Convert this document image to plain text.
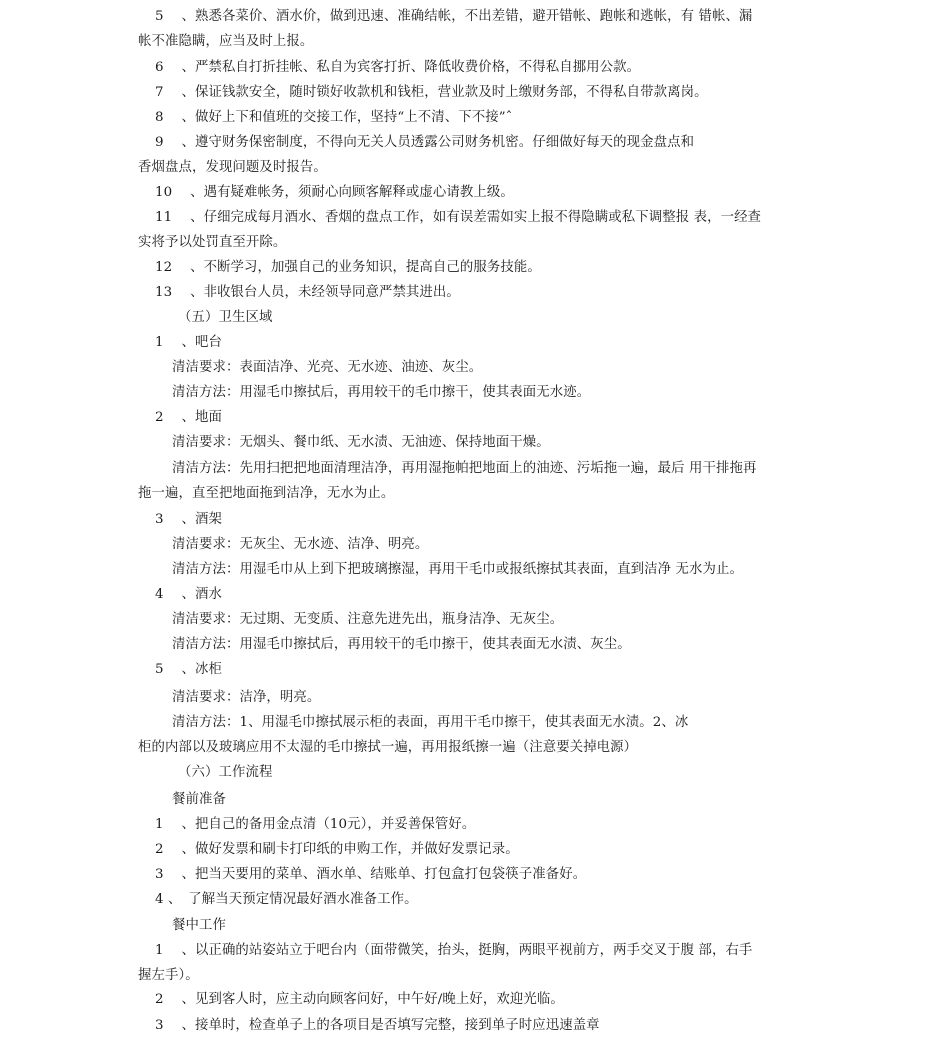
5　 、熟悉各菜价、酒水价，做到迅速、准确结帐，不出差错，避开错帐、跑帐和逃帐，有 错帐、漏
帐不准隐瞒，应当及时上报。
6　 、严禁私自打折挂帐、私自为宾客打折、降低收费价格，不得私自挪用公款。
7　 、保证钱款安全，随时锁好收款机和钱柜，营业款及时上缴财务部，不得私自带款离岗。
8　 、做好上下和值班的交接工作，坚持“上不清、下不接”ˆ
9　 、遵守财务保密制度，不得向无关人员透露公司财务机密。仔细做好每天的现金盘点和
香烟盘点，发现问题及时报告。
10　 、遇有疑难帐务，须耐心向顾客解释或虚心请教上级。
11　 、仔细完成每月酒水、香烟的盘点工作，如有误差需如实上报不得隐瞒或私下调整报 表，一经查
实将予以处罚直至开除。
12　 、不断学习，加强自己的业务知识，提高自己的服务技能。
13　 、非收银台人员，未经领导同意严禁其进出。
（五）卫生区域
1　 、吧台
清洁要求：表面洁净、光亮、无水迹、油迹、灰尘。
清洁方法：用湿毛巾擦拭后，再用较干的毛巾擦干，使其表面无水迹。
2　 、地面
清洁要求：无烟头、餐巾纸、无水渍、无油迹、保持地面干燥。
清洁方法：先用扫把把地面清理洁净，再用湿拖帕把地面上的油迹、污垢拖一遍，最后 用干排拖再
拖一遍，直至把地面拖到洁净，无水为止。
3　 、酒架
清洁要求：无灰尘、无水迹、洁净、明亮。
清洁方法：用湿毛巾从上到下把玻璃擦湿，再用干毛巾或报纸擦拭其表面，直到洁净 无水为止。
4　 、酒水
清洁要求：无过期、无变质、注意先进先出，瓶身洁净、无灰尘。
清洁方法：用湿毛巾擦拭后，再用较干的毛巾擦干，使其表面无水渍、灰尘。
5　 、冰柜
清洁要求：洁净，明亮。
清洁方法：1、用湿毛巾擦拭展示柜的表面，再用干毛巾擦干，使其表面无水渍。2、冰
柜的内部以及玻璃应用不太湿的毛巾擦拭一遍，再用报纸擦一遍（注意要关掉电源）
（六）工作流程
餐前准备
1　 、把自己的备用金点清（10元），并妥善保管好。
2　 、做好发票和刷卡打印纸的申购工作，并做好发票记录。
3　 、把当天要用的菜单、酒水单、结账单、打包盒打包袋筷子准备好。
4 、　了解当天预定情况最好酒水准备工作。
餐中工作
1　 、以正确的站姿站立于吧台内（面带微笑，抬头，挺胸，两眼平视前方，两手交叉于腹 部，右手
握左手）。
2　 、见到客人时，应主动向顾客问好，中午好/晚上好，欢迎光临。
3　 、接单时，检查单子上的各项目是否填写完整，接到单子时应迅速盖章
